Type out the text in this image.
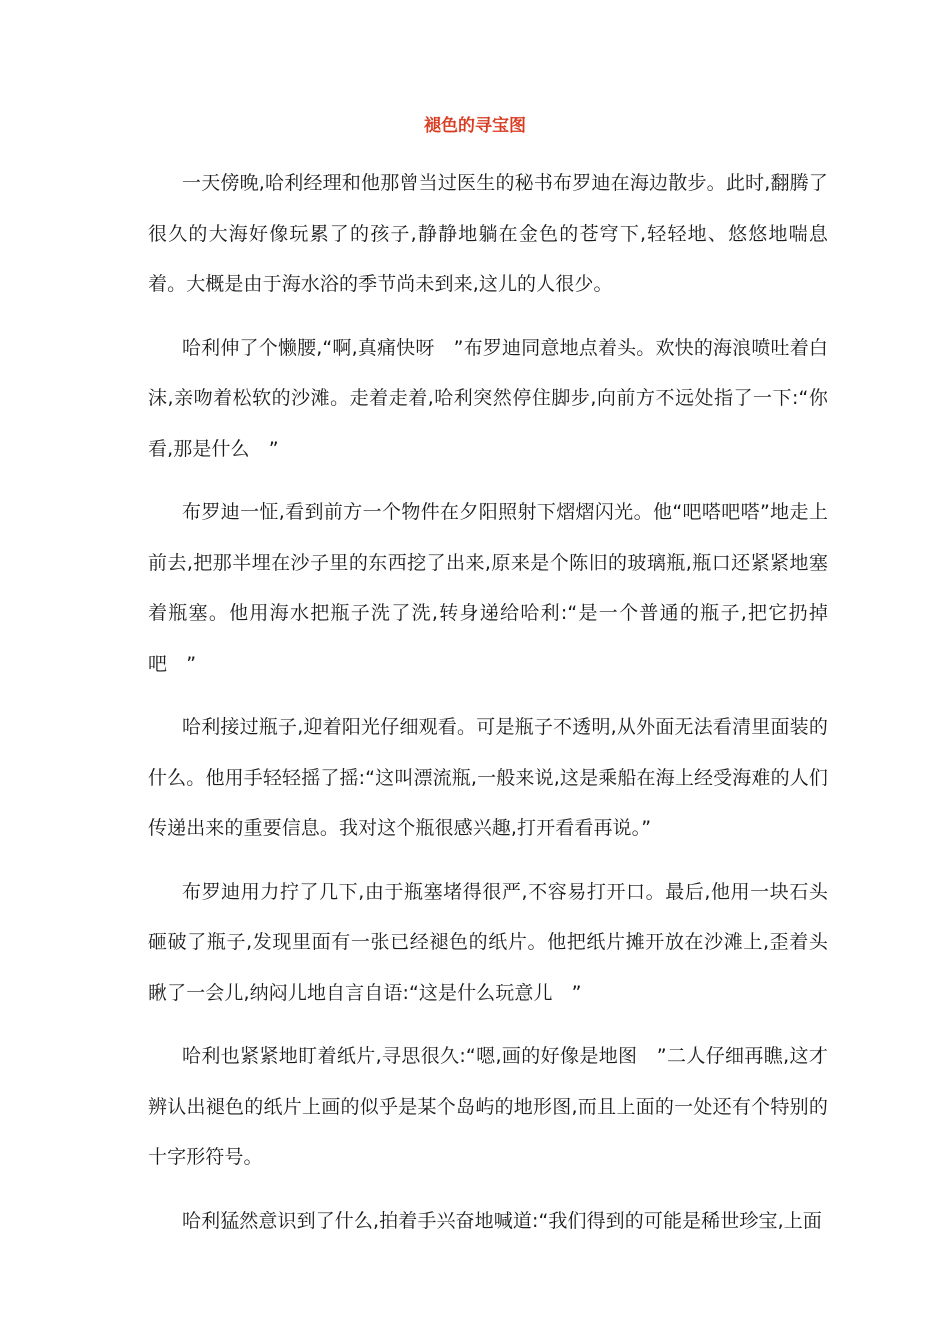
褪色的寻宝图

一天傍晚,哈利经理和他那曾当过医生的秘书布罗迪在海边散步。此时,翻腾了很久的大海好像玩累了的孩子,静静地躺在金色的苍穹下,轻轻地、悠悠地喘息着。大概是由于海水浴的季节尚未到来,这儿的人很少。

哈利伸了个懒腰,“啊,真痛快呀　”布罗迪同意地点着头。欢快的海浪喷吐着白沫,亲吻着松软的沙滩。走着走着,哈利突然停住脚步,向前方不远处指了一下:“你看,那是什么　”

布罗迪一怔,看到前方一个物件在夕阳照射下熠熠闪光。他“吧嗒吧嗒”地走上前去,把那半埋在沙子里的东西挖了出来,原来是个陈旧的玻璃瓶,瓶口还紧紧地塞着瓶塞。他用海水把瓶子洗了洗,转身递给哈利:“是一个普通的瓶子,把它扔掉吧　”

哈利接过瓶子,迎着阳光仔细观看。可是瓶子不透明,从外面无法看清里面装的什么。他用手轻轻摇了摇:“这叫漂流瓶,一般来说,这是乘船在海上经受海难的人们传递出来的重要信息。我对这个瓶很感兴趣,打开看看再说。”

布罗迪用力拧了几下,由于瓶塞堵得很严,不容易打开口。最后,他用一块石头砸破了瓶子,发现里面有一张已经褪色的纸片。他把纸片摊开放在沙滩上,歪着头瞅了一会儿,纳闷儿地自言自语:“这是什么玩意儿　”

哈利也紧紧地盯着纸片,寻思很久:“嗯,画的好像是地图　”二人仔细再瞧,这才辨认出褪色的纸片上画的似乎是某个岛屿的地形图,而且上面的一处还有个特别的十字形符号。

哈利猛然意识到了什么,拍着手兴奋地喊道:“我们得到的可能是稀世珍宝,上面
